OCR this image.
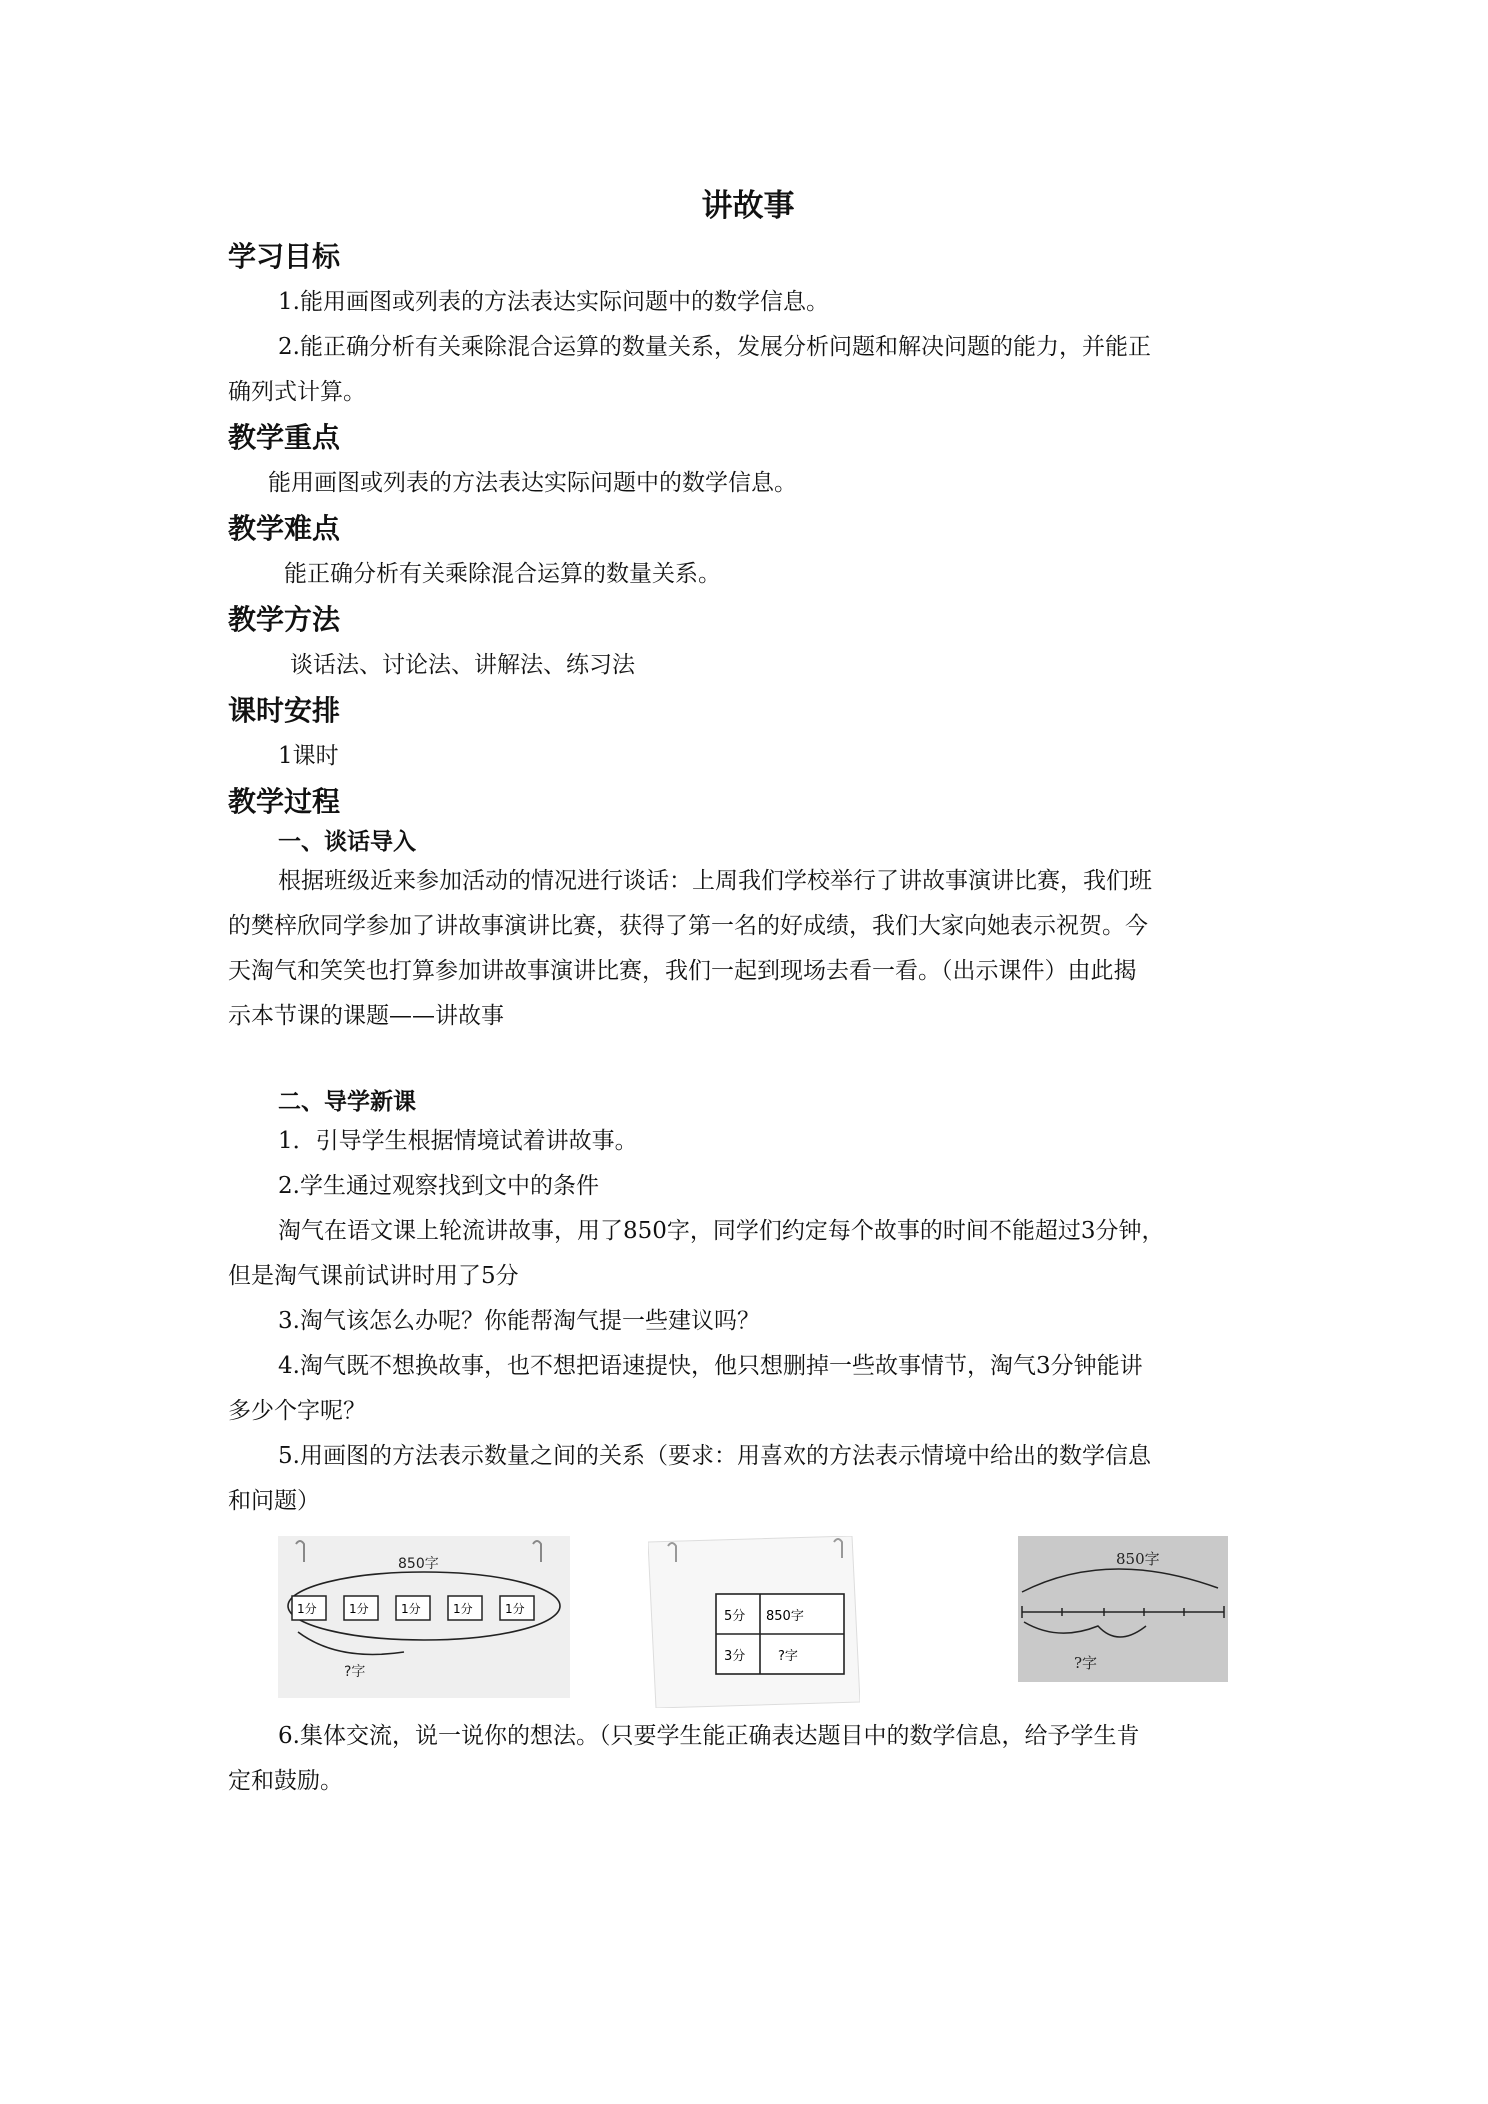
讲故事
学习目标
1.能用画图或列表的方法表达实际问题中的数学信息。
2.能正确分析有关乘除混合运算的数量关系，发展分析问题和解决问题的能力，并能正
确列式计算。
教学重点
能用画图或列表的方法表达实际问题中的数学信息。
教学难点
能正确分析有关乘除混合运算的数量关系。
教学方法
谈话法、讨论法、讲解法、练习法
课时安排
1课时
教学过程
一、谈话导入
根据班级近来参加活动的情况进行谈话：上周我们学校举行了讲故事演讲比赛，我们班
的樊梓欣同学参加了讲故事演讲比赛，获得了第一名的好成绩，我们大家向她表示祝贺。今
天淘气和笑笑也打算参加讲故事演讲比赛，我们一起到现场去看一看。（出示课件）由此揭
示本节课的课题——讲故事
二、导学新课
1．引导学生根据情境试着讲故事。
2.学生通过观察找到文中的条件
淘气在语文课上轮流讲故事，用了850字，同学们约定每个故事的时间不能超过3分钟，
但是淘气课前试讲时用了5分
3.淘气该怎么办呢？你能帮淘气提一些建议吗？
4.淘气既不想换故事，也不想把语速提快，他只想删掉一些故事情节，淘气3分钟能讲
多少个字呢？
5.用画图的方法表示数量之间的关系（要求：用喜欢的方法表示情境中给出的数学信息
和问题）
850字
1分	1分	1分	1分	1分
?字
5分 850字
3分	?字
850字
?字
6.集体交流，说一说你的想法。（只要学生能正确表达题目中的数学信息，给予学生肯
定和鼓励。
